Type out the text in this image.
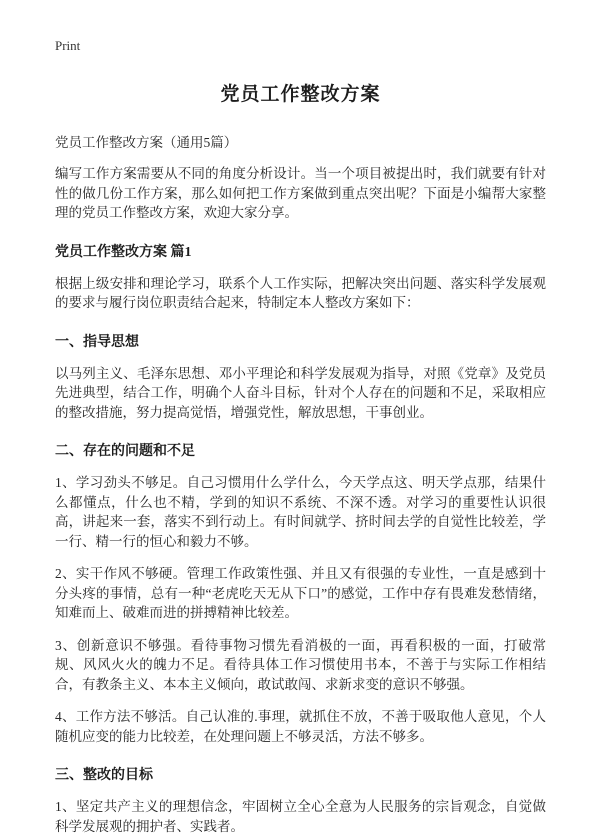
Print
党员工作整改方案

党员工作整改方案（通用5篇）

编写工作方案需要从不同的角度分析设计。当一个项目被提出时，我们就要有针对性的做几份工作方案，那么如何把工作方案做到重点突出呢？下面是小编帮大家整理的党员工作整改方案，欢迎大家分享。

党员工作整改方案 篇1

根据上级安排和理论学习，联系个人工作实际，把解决突出问题、落实科学发展观的要求与履行岗位职责结合起来，特制定本人整改方案如下：

一、指导思想

以马列主义、毛泽东思想、邓小平理论和科学发展观为指导，对照《党章》及党员先进典型，结合工作，明确个人奋斗目标，针对个人存在的问题和不足，采取相应的整改措施，努力提高觉悟，增强党性，解放思想，干事创业。

二、存在的问题和不足

1、学习劲头不够足。自己习惯用什么学什么，今天学点这、明天学点那，结果什么都懂点，什么也不精，学到的知识不系统、不深不透。对学习的重要性认识很高，讲起来一套，落实不到行动上。有时间就学、挤时间去学的自觉性比较差，学一行、精一行的恒心和毅力不够。

2、实干作风不够硬。管理工作政策性强、并且又有很强的专业性，一直是感到十分头疼的事情，总有一种“老虎吃天无从下口”的感觉，工作中存有畏难发愁情绪，知难而上、破难而进的拼搏精神比较差。

3、创新意识不够强。看待事物习惯先看消极的一面，再看积极的一面，打破常规、风风火火的魄力不足。看待具体工作习惯使用书本，不善于与实际工作相结合，有教条主义、本本主义倾向，敢试敢闯、求新求变的意识不够强。

4、工作方法不够活。自己认准的.事理，就抓住不放，不善于吸取他人意见，个人随机应变的能力比较差，在处理问题上不够灵活，方法不够多。

三、整改的目标

1、坚定共产主义的理想信念，牢固树立全心全意为人民服务的宗旨观念，自觉做科学发展观的拥护者、实践者。
